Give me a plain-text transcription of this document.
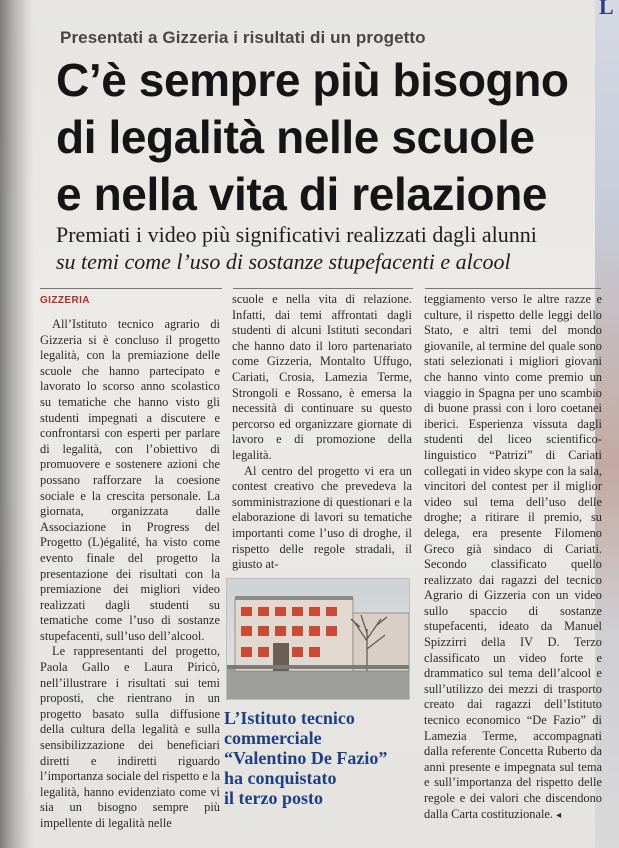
L
Presentati a Gizzeria i risultati di un progetto
C’è sempre più bisogno
di legalità nelle scuole
e nella vita di relazione
Premiati i video più significativi realizzati dagli alunni
su temi come l’uso di sostanze stupefacenti e alcool
GIZZERIA

All’Istituto tecnico agrario di Gizzeria si è concluso il progetto legalità, con la premiazione delle scuole che hanno partecipato e lavorato lo scorso anno scolastico su tematiche che hanno visto gli studenti impegnati a discutere e confrontarsi con esperti per parlare di legalità, con l’obiettivo di promuovere e sostenere azioni che possano rafforzare la coesione sociale e la crescita personale. La giornata, organizzata dalle Associazione in Progress del Progetto (L)égalité, ha visto come evento finale del progetto la presentazione dei risultati con la premiazione dei migliori video realizzati dagli studenti su tematiche come l’uso di sostanze stupefacenti, sull’uso dell’alcool.

Le rappresentanti del progetto, Paola Gallo e Laura Piricò, nell’illustrare i risultati sui temi proposti, che rientrano in un progetto basato sulla diffusione della cultura della legalità e sulla sensibilizzazione dei beneficiari diretti e indiretti riguardo l’importanza sociale del rispetto e la legalità, hanno evidenziato come vi sia un bisogno sempre più impellente di legalità nelle

scuole e nella vita di relazione. Infatti, dai temi affrontati dagli studenti di alcuni Istituti secondari che hanno dato il loro partenariato come Gizzeria, Montalto Uffugo, Cariati, Crosia, Lamezia Terme, Strongoli e Rossano, è emersa la necessità di continuare su questo percorso ed organizzare giornate di lavoro e di promozione della legalità.

Al centro del progetto vi era un contest creativo che prevedeva la somministrazione di questionari e la elaborazione di lavori su tematiche importanti come l’uso di droghe, il rispetto delle regole stradali, il giusto at-

teggiamento verso le altre razze e culture, il rispetto delle leggi dello Stato, e altri temi del mondo giovanile, al termine del quale sono stati selezionati i migliori giovani che hanno vinto come premio un viaggio in Spagna per uno scambio di buone prassi con i loro coetanei iberici. Esperienza vissuta dagli studenti del liceo scientifico-linguistico “Patrizi” di Cariati collegati in video skype con la sala, vincitori del contest per il miglior video sul tema dell’uso delle droghe; a ritirare il premio, su delega, era presente Filomeno Greco già sindaco di Cariati. Secondo classificato quello realizzato dai ragazzi del tecnico Agrario di Gizzeria con un video sullo spaccio di sostanze stupefacenti, ideato da Manuel Spizzirri della IV D. Terzo classificato un video forte e drammatico sul tema dell’alcool e sull’utilizzo dei mezzi di trasporto creato dai ragazzi dell’Istituto tecnico economico “De Fazio” di Lamezia Terme, accompagnati dalla referente Concetta Ruberto da anni presente e impegnata sul tema e sull’importanza del rispetto delle regole e dei valori che discendono dalla Carta costituzionale. ◂

L’Istituto tecnico
commerciale
“Valentino De Fazio”
ha conquistato
il terzo posto
